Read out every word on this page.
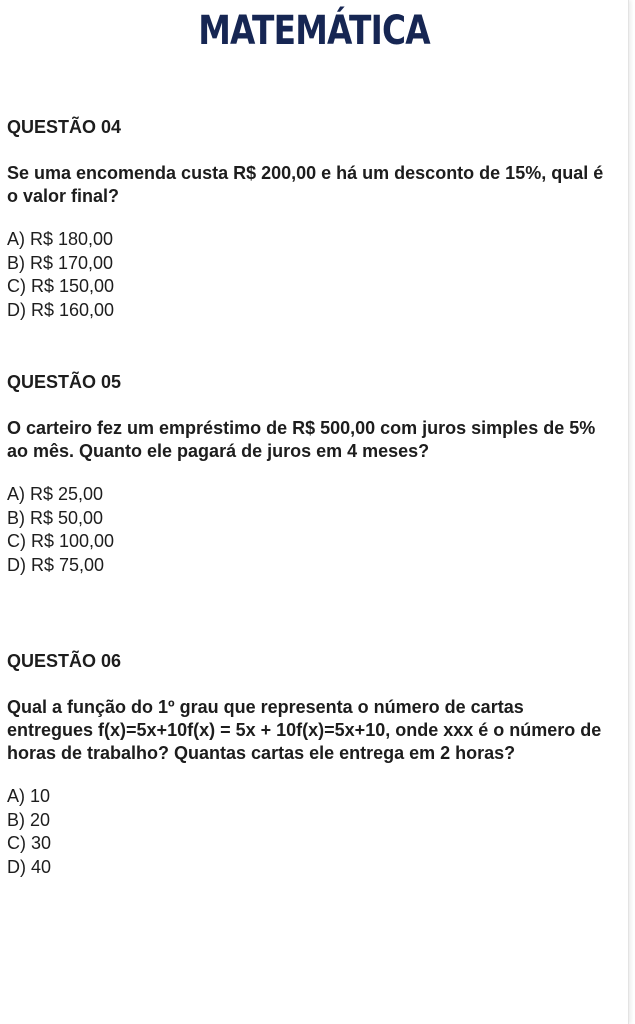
MATEMÁTICA
QUESTÃO 04
Se uma encomenda custa R$ 200,00 e há um desconto de 15%, qual é o valor final?
A) R$ 180,00
B) R$ 170,00
C) R$ 150,00
D) R$ 160,00
QUESTÃO 05
O carteiro fez um empréstimo de R$ 500,00 com juros simples de 5% ao mês. Quanto ele pagará de juros em 4 meses?
A) R$ 25,00
B) R$ 50,00
C) R$ 100,00
D) R$ 75,00
QUESTÃO 06
Qual a função do 1º grau que representa o número de cartas entregues f(x)=5x+10f(x) = 5x + 10f(x)=5x+10, onde xxx é o número de horas de trabalho? Quantas cartas ele entrega em 2 horas?
A) 10
B) 20
C) 30
D) 40
